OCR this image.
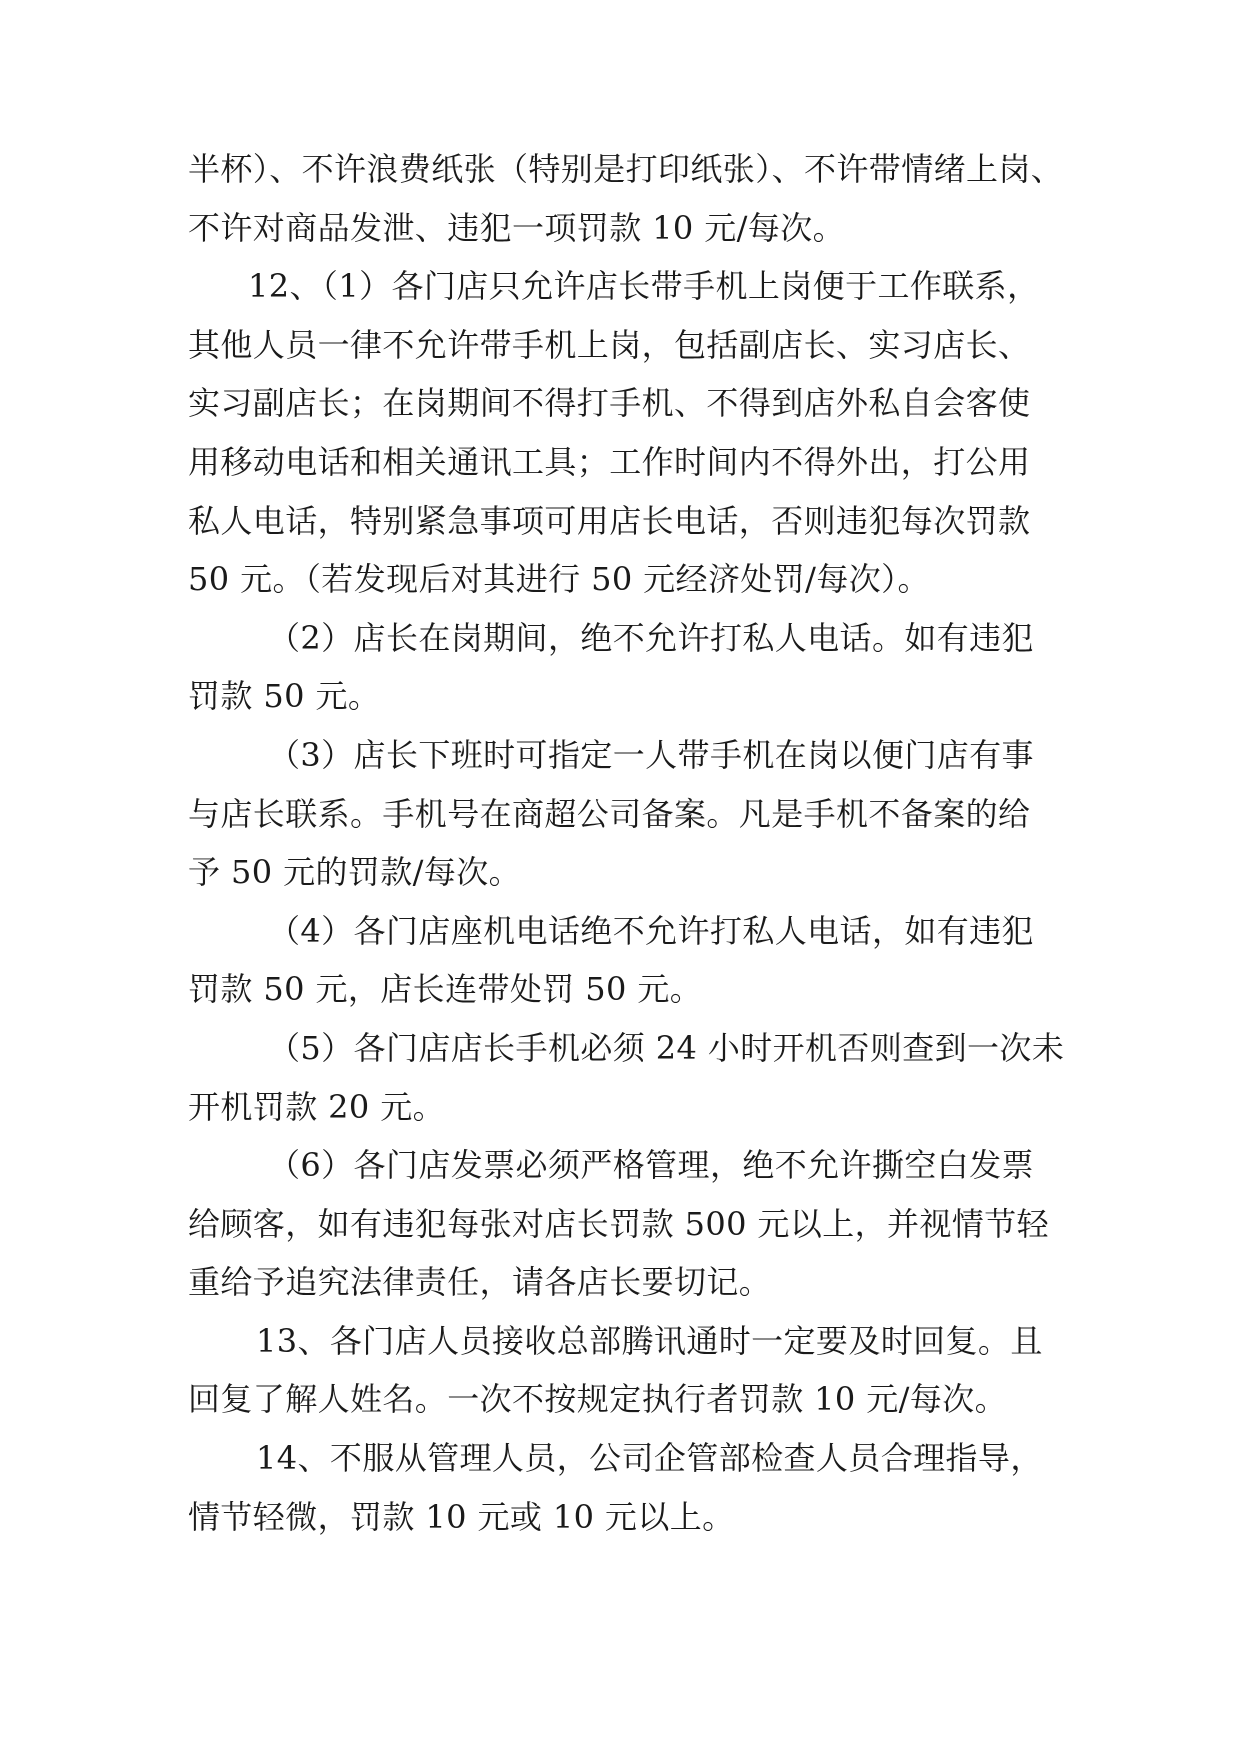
半杯）、不许浪费纸张（特别是打印纸张）、不许带情绪上岗、
不许对商品发泄、违犯一项罚款 10 元/每次。
12、（1）各门店只允许店长带手机上岗便于工作联系，
其他人员一律不允许带手机上岗，包括副店长、实习店长、
实习副店长；在岗期间不得打手机、不得到店外私自会客使
用移动电话和相关通讯工具；工作时间内不得外出，打公用
私人电话，特别紧急事项可用店长电话，否则违犯每次罚款
50 元。（若发现后对其进行 50 元经济处罚/每次）。
（2）店长在岗期间，绝不允许打私人电话。如有违犯
罚款 50 元。
（3）店长下班时可指定一人带手机在岗以便门店有事
与店长联系。手机号在商超公司备案。凡是手机不备案的给
予 50 元的罚款/每次。
（4）各门店座机电话绝不允许打私人电话，如有违犯
罚款 50 元，店长连带处罚 50 元。
（5）各门店店长手机必须 24 小时开机否则查到一次未
开机罚款 20 元。
（6）各门店发票必须严格管理，绝不允许撕空白发票
给顾客，如有违犯每张对店长罚款 500 元以上，并视情节轻
重给予追究法律责任，请各店长要切记。
13、各门店人员接收总部腾讯通时一定要及时回复。且
回复了解人姓名。一次不按规定执行者罚款 10 元/每次。
14、不服从管理人员，公司企管部检查人员合理指导，
情节轻微，罚款 10 元或 10 元以上。
